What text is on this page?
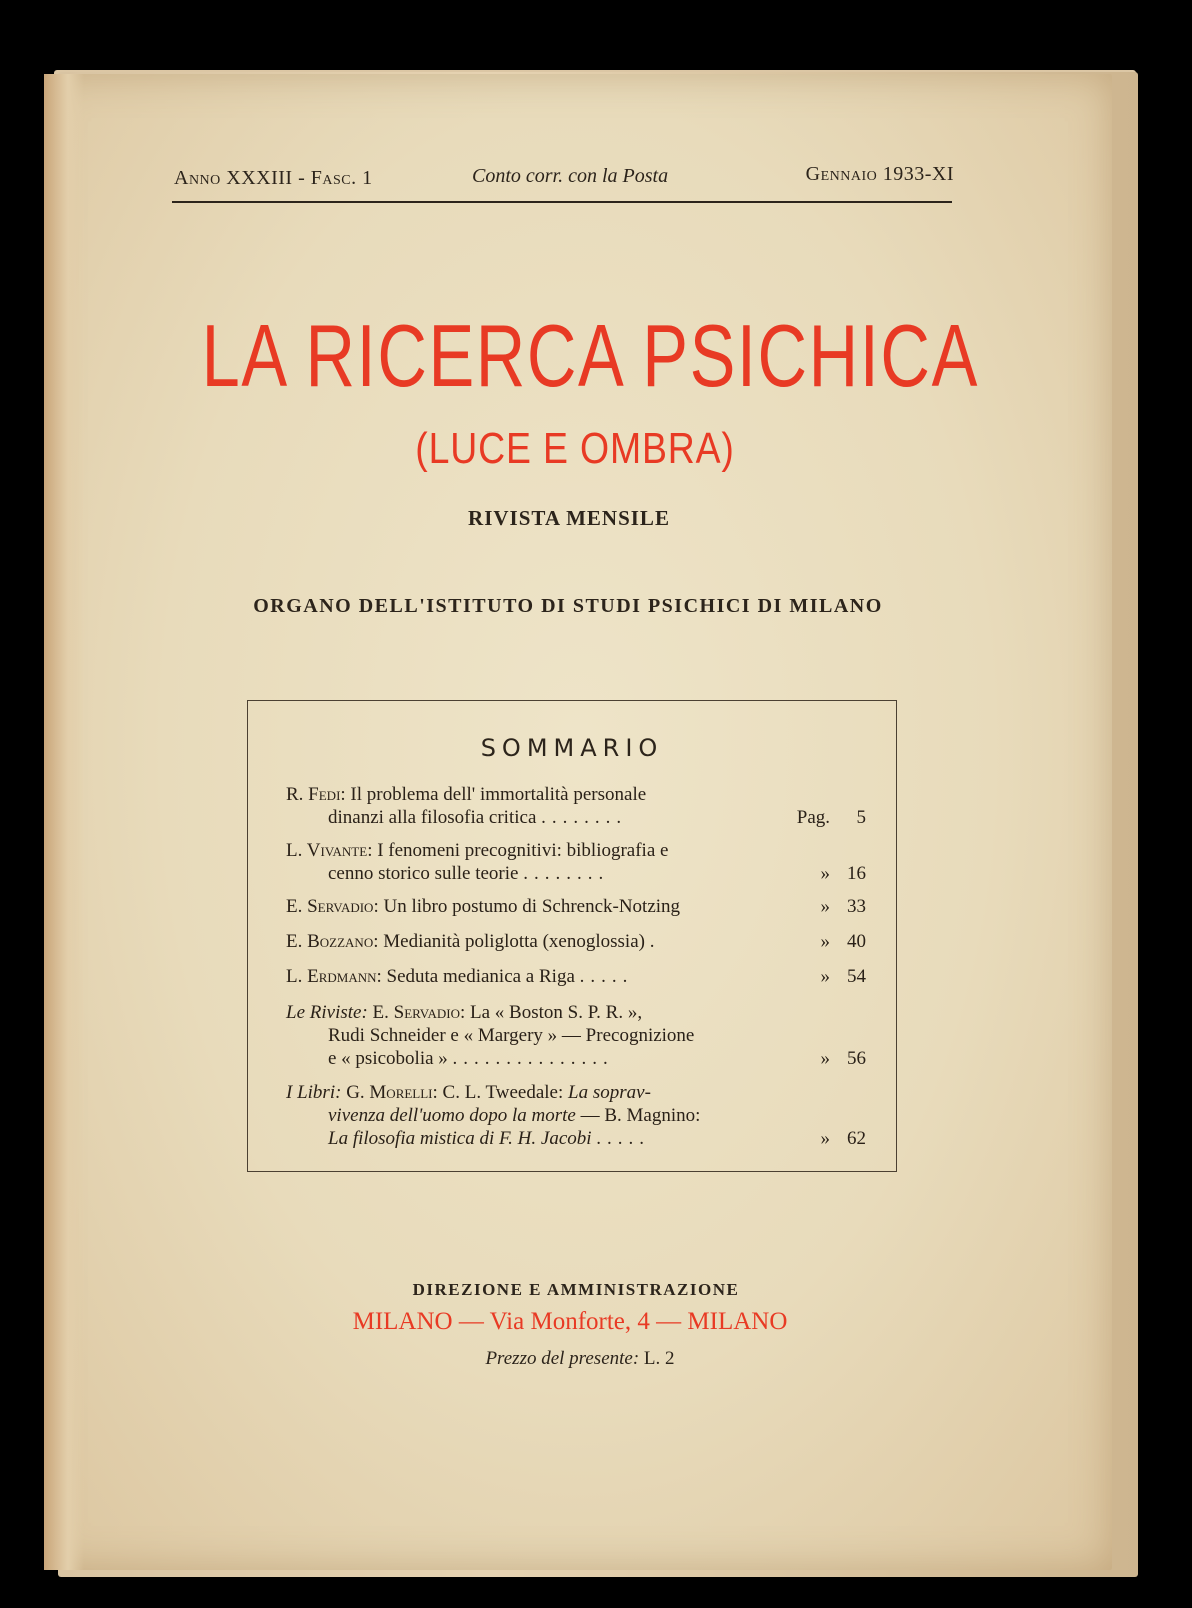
Anno XXXIII - Fasc. 1	Conto corr. con la Posta	Gennaio 1933-XI
LA RICERCA PSICHICA
(LUCE E OMBRA)
RIVISTA MENSILE
ORGANO DELL'ISTITUTO DI STUDI PSICHICI DI MILANO
SOMMARIO
R. Fedi: Il problema dell' immortalità personale
dinanzi alla filosofia critica ........	Pag.	5
L. Vivante: I fenomeni precognitivi: bibliografia e
cenno storico sulle teorie ........	» 16
E. Servadio: Un libro postumo di Schrenck-Notzing	» 33
E. Bozzano: Medianità poliglotta (xenoglossia) .	» 40
L. Erdmann: Seduta medianica a Riga .....	» 54
Le Riviste: E. Servadio: La « Boston S. P. R. »,
Rudi Schneider e « Margery » — Precognizione
e « psicobolia » ...............	» 56
I Libri: G. Morelli: C. L. Tweedale: La soprav-
vivenza dell'uomo dopo la morte — B. Magnino:
La filosofia mistica di F. H. Jacobi .....	» 62
DIREZIONE E AMMINISTRAZIONE
MILANO — Via Monforte, 4 — MILANO
Prezzo del presente: L. 2
